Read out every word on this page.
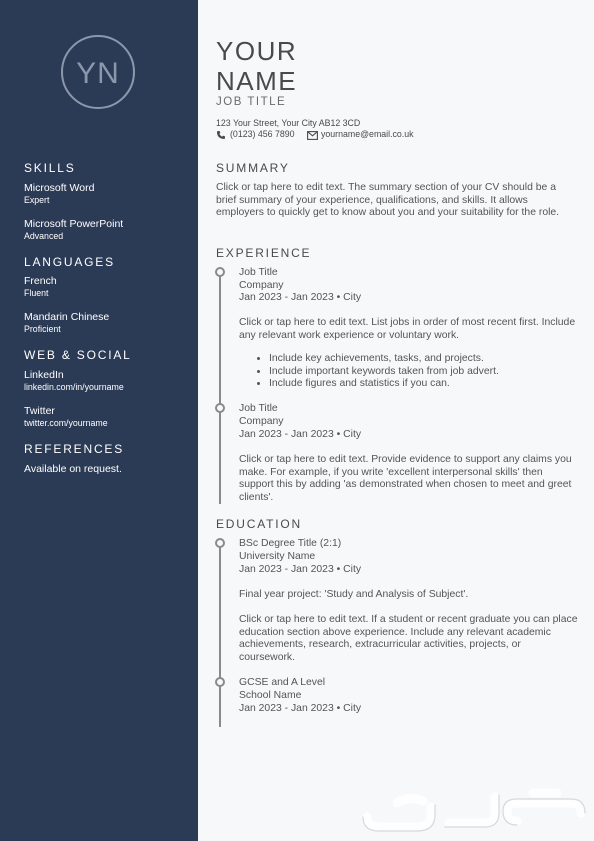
YN
SKILLS
Microsoft Word
Expert
Microsoft PowerPoint
Advanced
LANGUAGES
French
Fluent
Mandarin Chinese
Proficient
WEB & SOCIAL
LinkedIn
linkedin.com/in/yourname
Twitter
twitter.com/yourname
REFERENCES
Available on request.
YOUR
NAME
JOB TITLE
123 Your Street, Your City AB12 3CD
(0123) 456 7890	yourname@email.co.uk
SUMMARY

Click or tap here to edit text. The summary section of your CV should be a brief summary of your experience, qualifications, and skills. It allows employers to quickly get to know about you and your suitability for the role.

EXPERIENCE
Job Title
Company
Jan 2023 - Jan 2023 • City

Click or tap here to edit text. List jobs in order of most recent first. Include any relevant work experience or voluntary work.

• Include key achievements, tasks, and projects.
• Include important keywords taken from job advert.
• Include figures and statistics if you can.
Job Title
Company
Jan 2023 - Jan 2023 • City

Click or tap here to edit text. Provide evidence to support any claims you make. For example, if you write 'excellent interpersonal skills' then support this by adding 'as demonstrated when chosen to meet and greet clients'.

EDUCATION
BSc Degree Title (2:1)
University Name
Jan 2023 - Jan 2023 • City
Final year project: 'Study and Analysis of Subject'.

Click or tap here to edit text. If a student or recent graduate you can place education section above experience. Include any relevant academic achievements, research, extracurricular activities, projects, or coursework.

GCSE and A Level
School Name
Jan 2023 - Jan 2023 • City
